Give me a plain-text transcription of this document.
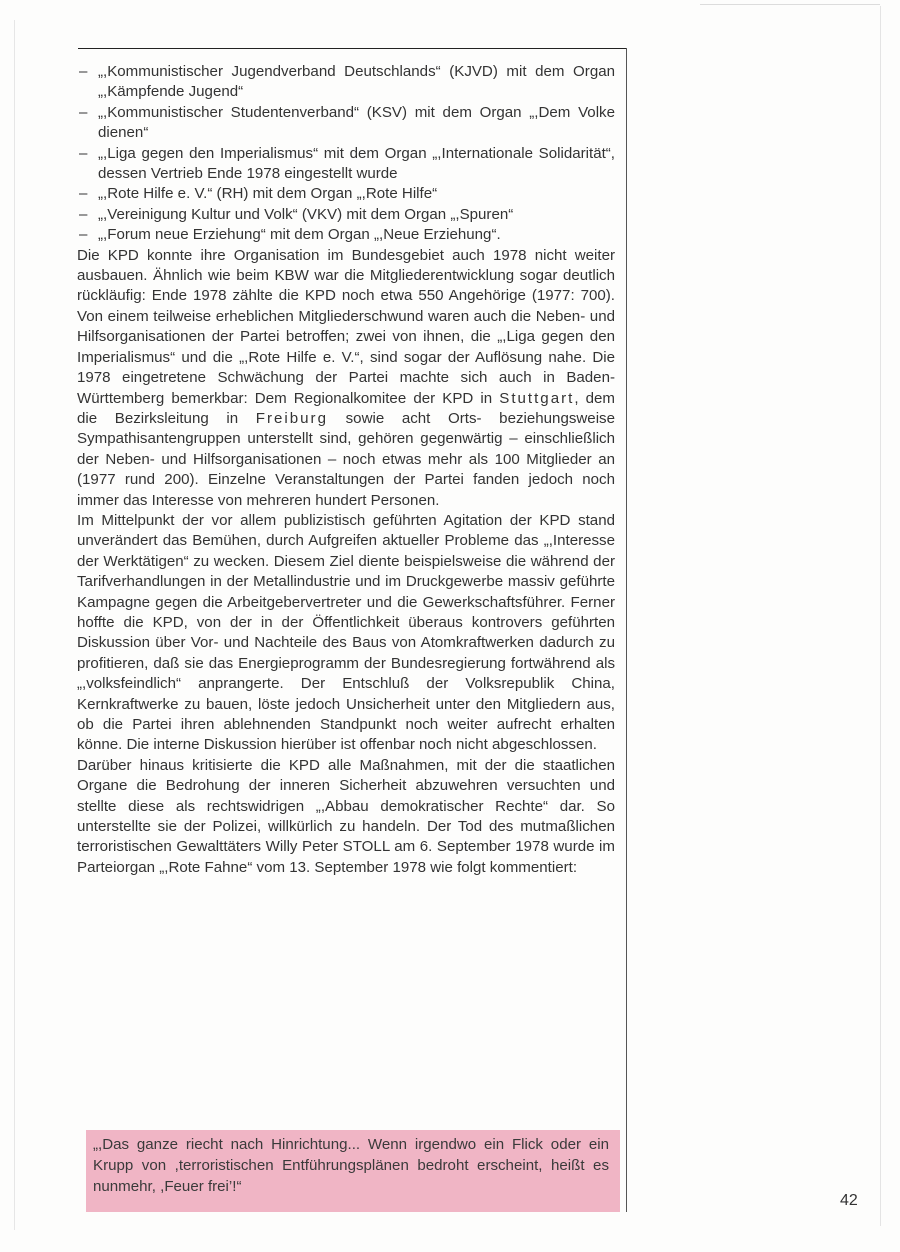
– „,Kommunistischer Jugendverband Deutschlands“ (KJVD) mit dem Organ „,Kämpfende Jugend“
– „,Kommunistischer Studentenverband“ (KSV) mit dem Organ „,Dem Volke dienen“
– „,Liga gegen den Imperialismus“ mit dem Organ „,Internationale Solidarität“, dessen Vertrieb Ende 1978 eingestellt wurde
– „,Rote Hilfe e. V.“ (RH) mit dem Organ „,Rote Hilfe“
– „,Vereinigung Kultur und Volk“ (VKV) mit dem Organ „,Spuren“
– „,Forum neue Erziehung“ mit dem Organ „,Neue Erziehung“.

Die KPD konnte ihre Organisation im Bundesgebiet auch 1978 nicht weiter ausbauen. Ähnlich wie beim KBW war die Mitgliederentwicklung sogar deutlich rückläufig: Ende 1978 zählte die KPD noch etwa 550 Angehörige (1977: 700). Von einem teilweise erheblichen Mitgliederschwund waren auch die Neben- und Hilfsorganisationen der Partei betroffen; zwei von ihnen, die „,Liga gegen den Imperialismus“ und die „,Rote Hilfe e. V.“, sind sogar der Auflösung nahe. Die 1978 eingetretene Schwächung der Partei machte sich auch in Baden-Württemberg bemerkbar: Dem Regionalkomitee der KPD in Stuttgart, dem die Bezirksleitung in Freiburg sowie acht Orts- beziehungsweise Sympathisantengruppen unterstellt sind, gehören gegenwärtig – einschließlich der Neben- und Hilfsorganisationen – noch etwas mehr als 100 Mitglieder an (1977 rund 200). Einzelne Veranstaltungen der Partei fanden jedoch noch immer das Interesse von mehreren hundert Personen.

Im Mittelpunkt der vor allem publizistisch geführten Agitation der KPD stand unverändert das Bemühen, durch Aufgreifen aktueller Probleme das „,Interesse der Werktätigen“ zu wecken. Diesem Ziel diente beispielsweise die während der Tarifverhandlungen in der Metallindustrie und im Druckgewerbe massiv geführte Kampagne gegen die Arbeitgebervertreter und die Gewerkschaftsführer. Ferner hoffte die KPD, von der in der Öffentlichkeit überaus kontrovers geführten Diskussion über Vor- und Nachteile des Baus von Atomkraftwerken dadurch zu profitieren, daß sie das Energieprogramm der Bundesregierung fortwährend als „,volksfeindlich“ anprangerte. Der Entschluß der Volksrepublik China, Kernkraftwerke zu bauen, löste jedoch Unsicherheit unter den Mitgliedern aus, ob die Partei ihren ablehnenden Standpunkt noch weiter aufrecht erhalten könne. Die interne Diskussion hierüber ist offenbar noch nicht abgeschlossen.

Darüber hinaus kritisierte die KPD alle Maßnahmen, mit der die staatlichen Organe die Bedrohung der inneren Sicherheit abzuwehren versuchten und stellte diese als rechtswidrigen „,Abbau demokratischer Rechte“ dar. So unterstellte sie der Polizei, willkürlich zu handeln. Der Tod des mutmaßlichen terroristischen Gewalttäters Willy Peter STOLL am 6. September 1978 wurde im Parteiorgan „,Rote Fahne“ vom 13. September 1978 wie folgt kommentiert:

„,Das ganze riecht nach Hinrichtung... Wenn irgendwo ein Flick oder ein Krupp von ,terroristischen Entführungsplänen bedroht erscheint, heißt es nunmehr, ,Feuer frei’!“

42
